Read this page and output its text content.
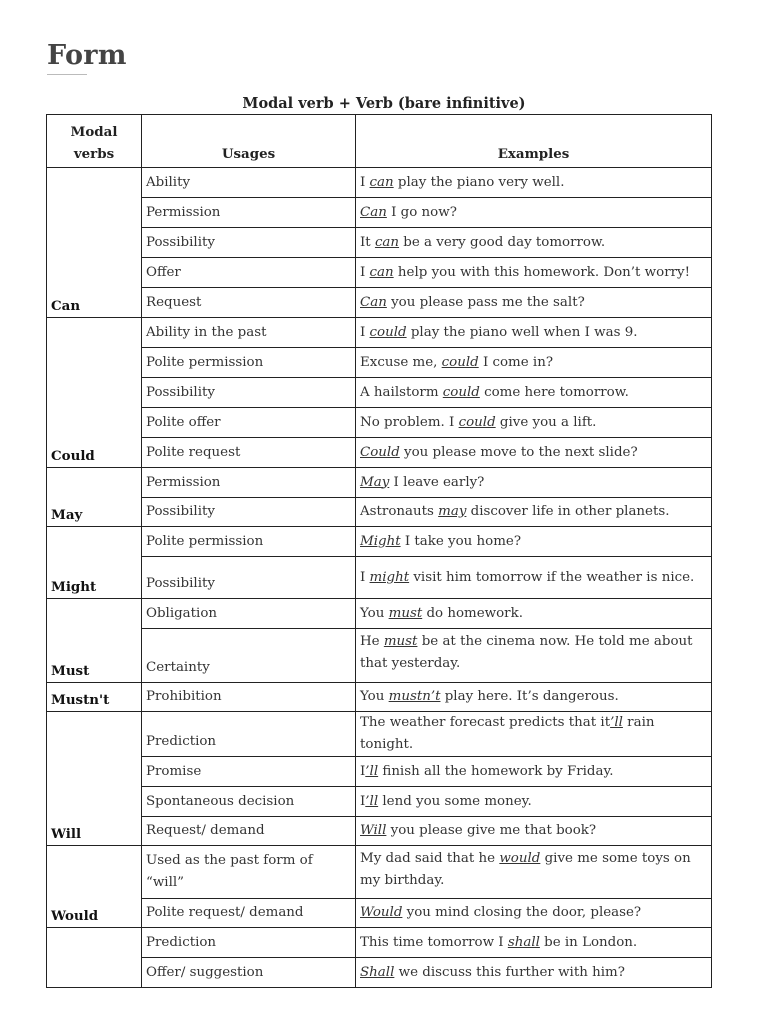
Form
Modal verb + Verb (bare infinitive)
Modal
verbs	Usages	Examples
Can	Ability	I can play the piano very well.
	Permission	Can I go now?
	Possibility	It can be a very good day tomorrow.
	Offer	I can help you with this homework. Don’t worry!
	Request	Can you please pass me the salt?
Could	Ability in the past	I could play the piano well when I was 9.
	Polite permission	Excuse me, could I come in?
	Possibility	A hailstorm could come here tomorrow.
	Polite offer	No problem. I could give you a lift.
	Polite request	Could you please move to the next slide?
May	Permission	May I leave early?
	Possibility	Astronauts may discover life in other planets.
Might	Polite permission	Might I take you home?
	Possibility	I might visit him tomorrow if the weather is nice.
Must	Obligation	You must do homework.
	Certainty	He must be at the cinema now. He told me about that yesterday.
Mustn't	Prohibition	You mustn’t play here. It’s dangerous.
Will	Prediction	The weather forecast predicts that it’ll rain tonight.
	Promise	I’ll finish all the homework by Friday.
	Spontaneous decision	I’ll lend you some money.
	Request/ demand	Will you please give me that book?
Would	Used as the past form of “will”	My dad said that he would give me some toys on my birthday.
	Polite request/ demand	Would you mind closing the door, please?
	Prediction	This time tomorrow I shall be in London.
	Offer/ suggestion	Shall we discuss this further with him?
